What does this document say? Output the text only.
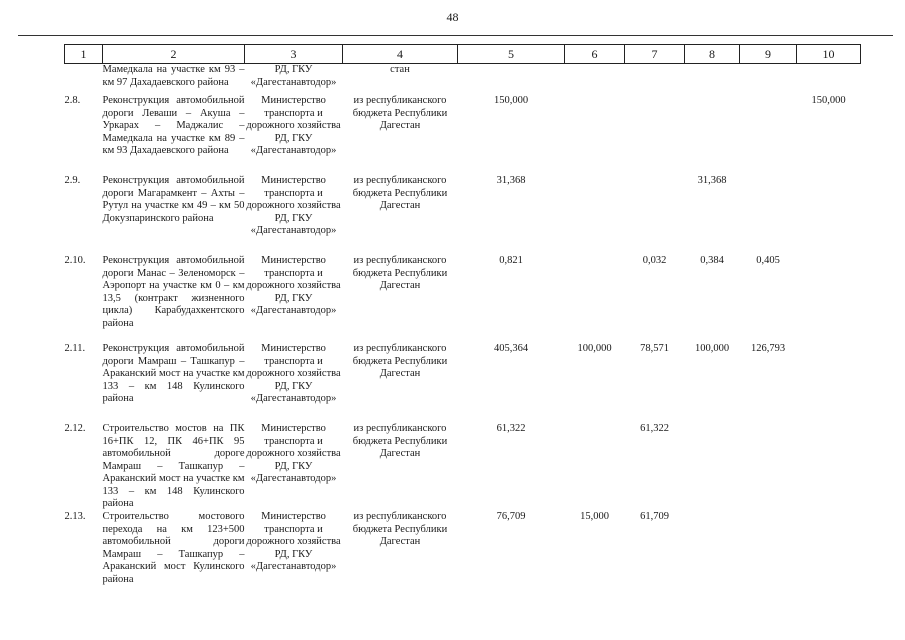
48
1	2	3	4	5	6	7	8	9	10
	Мамедкала на участке км 93 – км 97 Дахадаевского района	РД, ГКУ «Дагестанавтодор»	стан						
2.8.	Реконструкция автомобильной дороги Леваши – Акуша – Уркарах – Маджалис – Мамедкала на участке км 89 – км 93 Дахадаевского района	Министерство транспорта и дорожного хозяйства РД, ГКУ «Дагестанавтодор»	из республиканского бюджета Республики Дагестан	150,000					150,000
2.9.	Реконструкция автомобильной дороги Магарамкент – Ахты – Рутул на участке км 49 – км 50 Докузпаринского района	Министерство транспорта и дорожного хозяйства РД, ГКУ «Дагестанавтодор»	из республиканского бюджета Республики Дагестан	31,368			31,368		
2.10.	Реконструкция автомобильной дороги Манас – Зеленоморск – Аэропорт на участке км 0 – км 13,5 (контракт жизненного цикла) Карабудахкентского района	Министерство транспорта и дорожного хозяйства РД, ГКУ «Дагестанавтодор»	из республиканского бюджета Республики Дагестан	0,821		0,032	0,384	0,405	
2.11.	Реконструкция автомобильной дороги Мамраш – Ташкапур – Араканский мост на участке км 133 – км 148 Кулинского района	Министерство транспорта и дорожного хозяйства РД, ГКУ «Дагестанавтодор»	из республиканского бюджета Республики Дагестан	405,364	100,000	78,571	100,000	126,793	
2.12.	Строительство мостов на ПК 16+ПК 12, ПК 46+ПК 95 автомобильной дороге Мамраш – Ташкапур – Араканский мост на участке км 133 – км 148 Кулинского района	Министерство транспорта и дорожного хозяйства РД, ГКУ «Дагестанавтодор»	из республиканского бюджета Республики Дагестан	61,322		61,322			
2.13.	Строительство мостового перехода на км 123+500 автомобильной дороги Мамраш – Ташкапур – Араканский мост Кулинского района	Министерство транспорта и дорожного хозяйства РД, ГКУ «Дагестанавтодор»	из республиканского бюджета Республики Дагестан	76,709	15,000	61,709			
